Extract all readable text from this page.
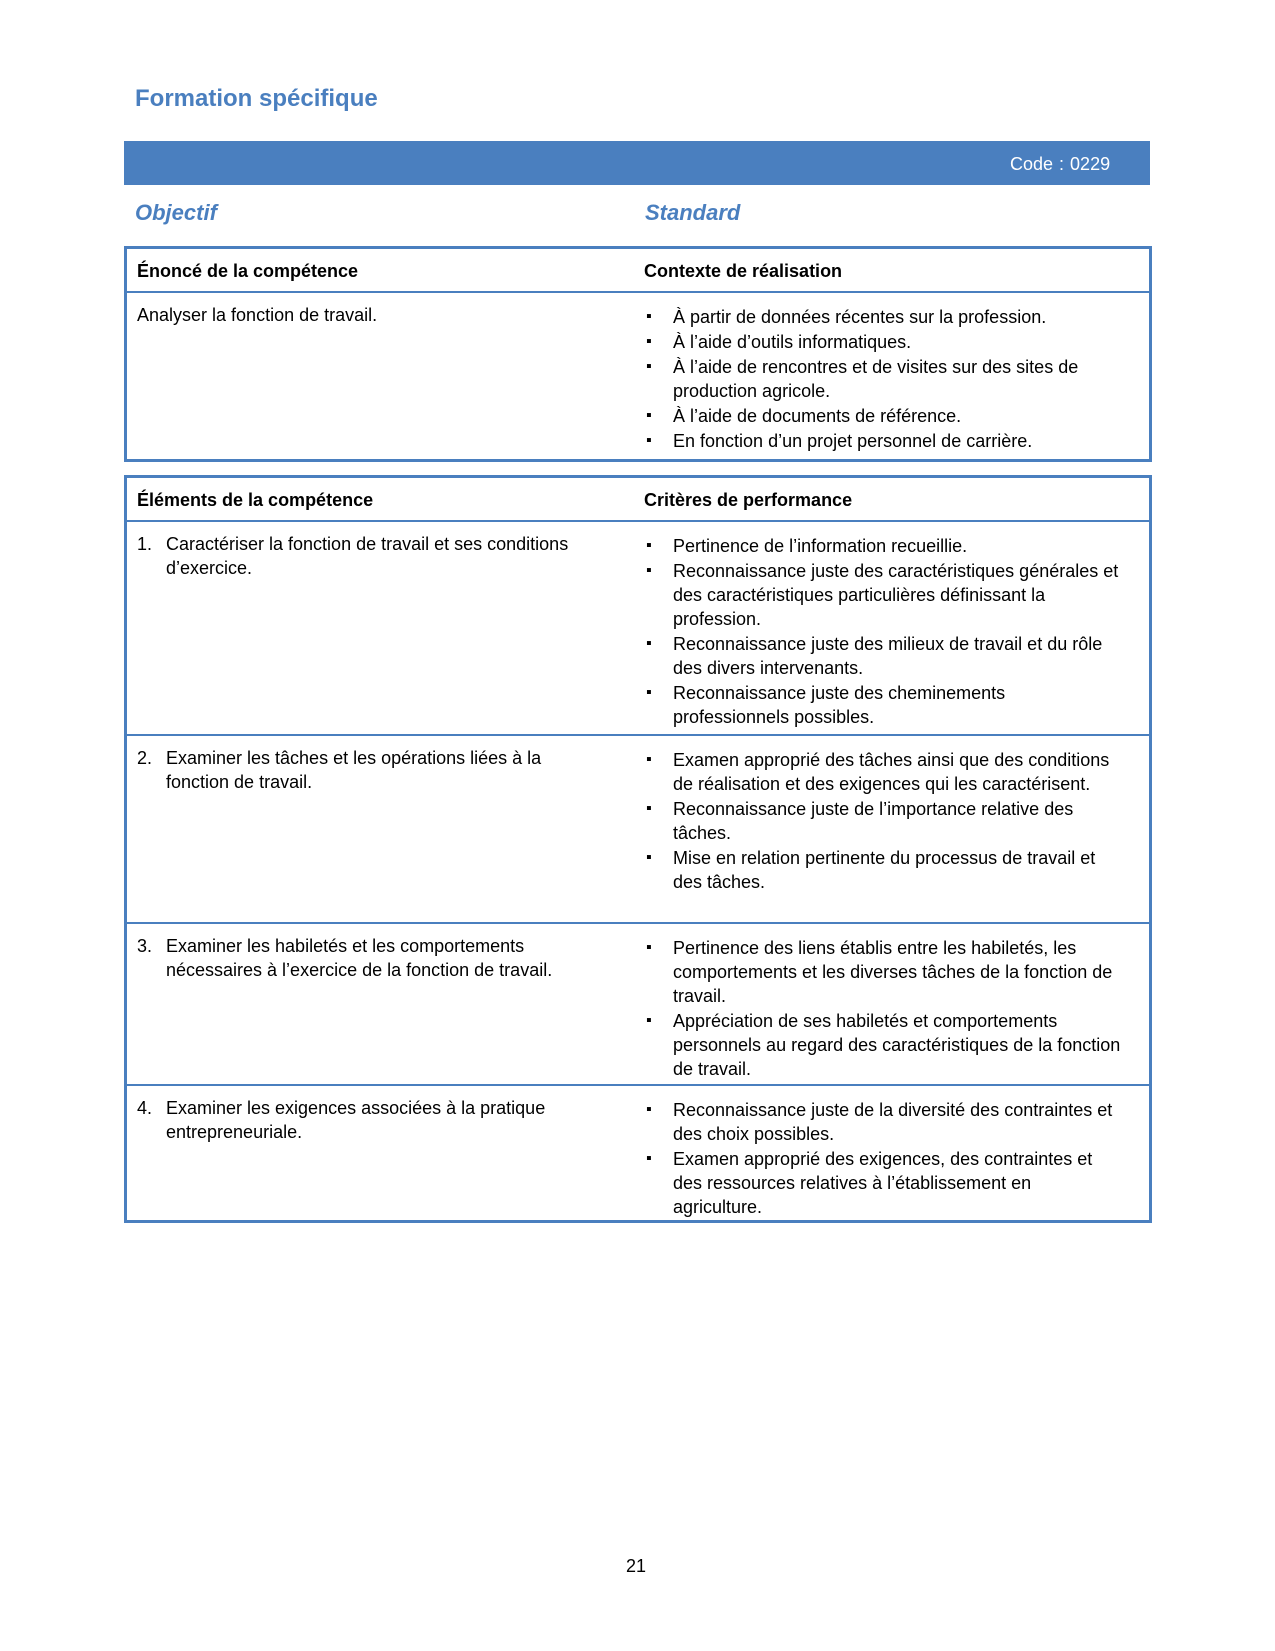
Formation spécifique
Code : 0229
Objectif	Standard
Énoncé de la compétence	Contexte de réalisation
Analyser la fonction de travail.
▪	À partir de données récentes sur la profession.
▪ À l’aide d’outils informatiques.
▪ À l’aide de rencontres et de visites sur des sites de production agricole.
▪ À l’aide de documents de référence.
▪ En fonction d’un projet personnel de carrière.
Éléments de la compétence	Critères de performance
1. Caractériser la fonction de travail et ses conditions d’exercice.
▪ Pertinence de l’information recueillie.
▪ Reconnaissance juste des caractéristiques générales et des caractéristiques particulières définissant la profession.
▪ Reconnaissance juste des milieux de travail et du rôle des divers intervenants.
▪ Reconnaissance juste des cheminements professionnels possibles.
2. Examiner les tâches et les opérations liées à la fonction de travail.
▪ Examen approprié des tâches ainsi que des conditions de réalisation et des exigences qui les caractérisent.
▪ Reconnaissance juste de l’importance relative des tâches.
▪ Mise en relation pertinente du processus de travail et des tâches.
3. Examiner les habiletés et les comportements nécessaires à l’exercice de la fonction de travail.
▪ Pertinence des liens établis entre les habiletés, les comportements et les diverses tâches de la fonction de travail.
▪ Appréciation de ses habiletés et comportements personnels au regard des caractéristiques de la fonction de travail.
4. Examiner les exigences associées à la pratique entrepreneuriale.
▪ Reconnaissance juste de la diversité des contraintes et des choix possibles.
▪ Examen approprié des exigences, des contraintes et des ressources relatives à l’établissement en agriculture.
21
